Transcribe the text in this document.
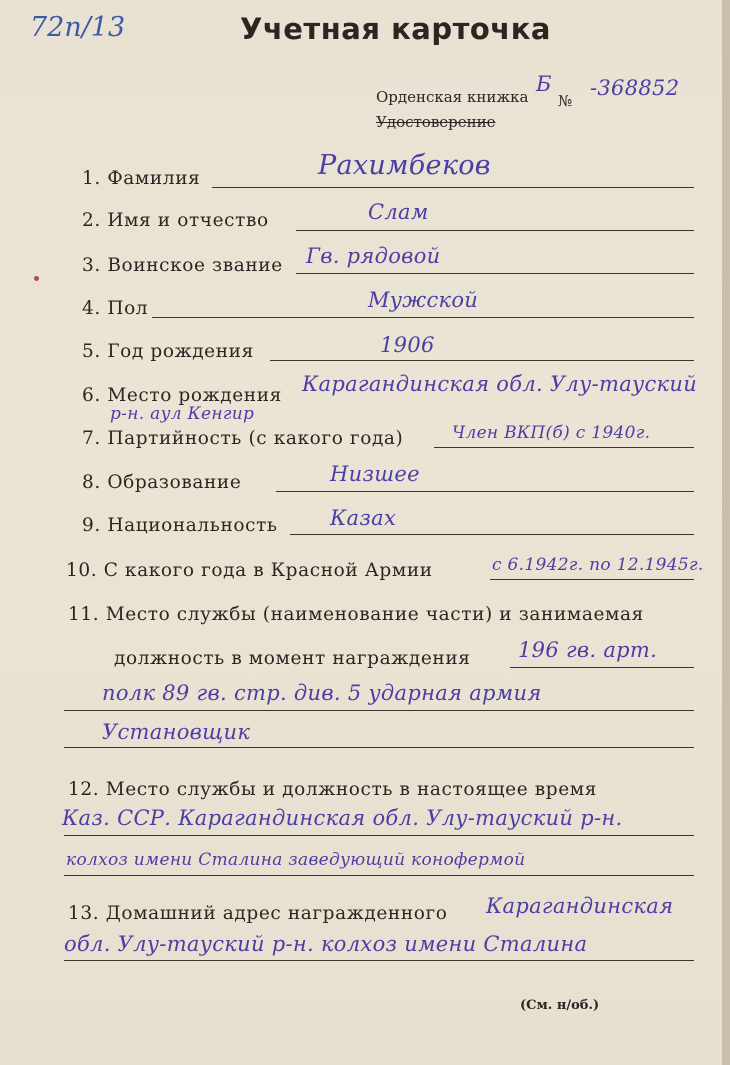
72п/13	Учетная карточка
Орденская книжка
Удостоверение
Б
№
-368852
1. Фамилия	Рахимбеков
2. Имя и отчество	Слам
3. Воинское звание Гв. рядовой
4. Пол	Мужской
5. Год рождения	1906
6. Место рождения Карагандинская обл. Улу-тауский
р-н. аул Кенгир
7. Партийность (с какого года)	Член ВКП(б) с 1940г.
8. Образование	Низшее
9. Национальность Казах
10. С какого года в Красной Армии	с 6.1942г. по 12.1945г.
11. Место службы (наименование части) и занимаемая
должность в момент награждения 196 гв. арт.
полк 89 гв. стр. див. 5 ударная армия
Установщик
12. Место службы и должность в настоящее время
Каз. ССР. Карагандинская обл. Улу-тауский р-н.
колхоз имени Сталина заведующий конофермой
13. Домашний адрес награжденного Карагандинская
обл. Улу-тауский р-н. колхоз имени Сталина
(См. н/об.)
